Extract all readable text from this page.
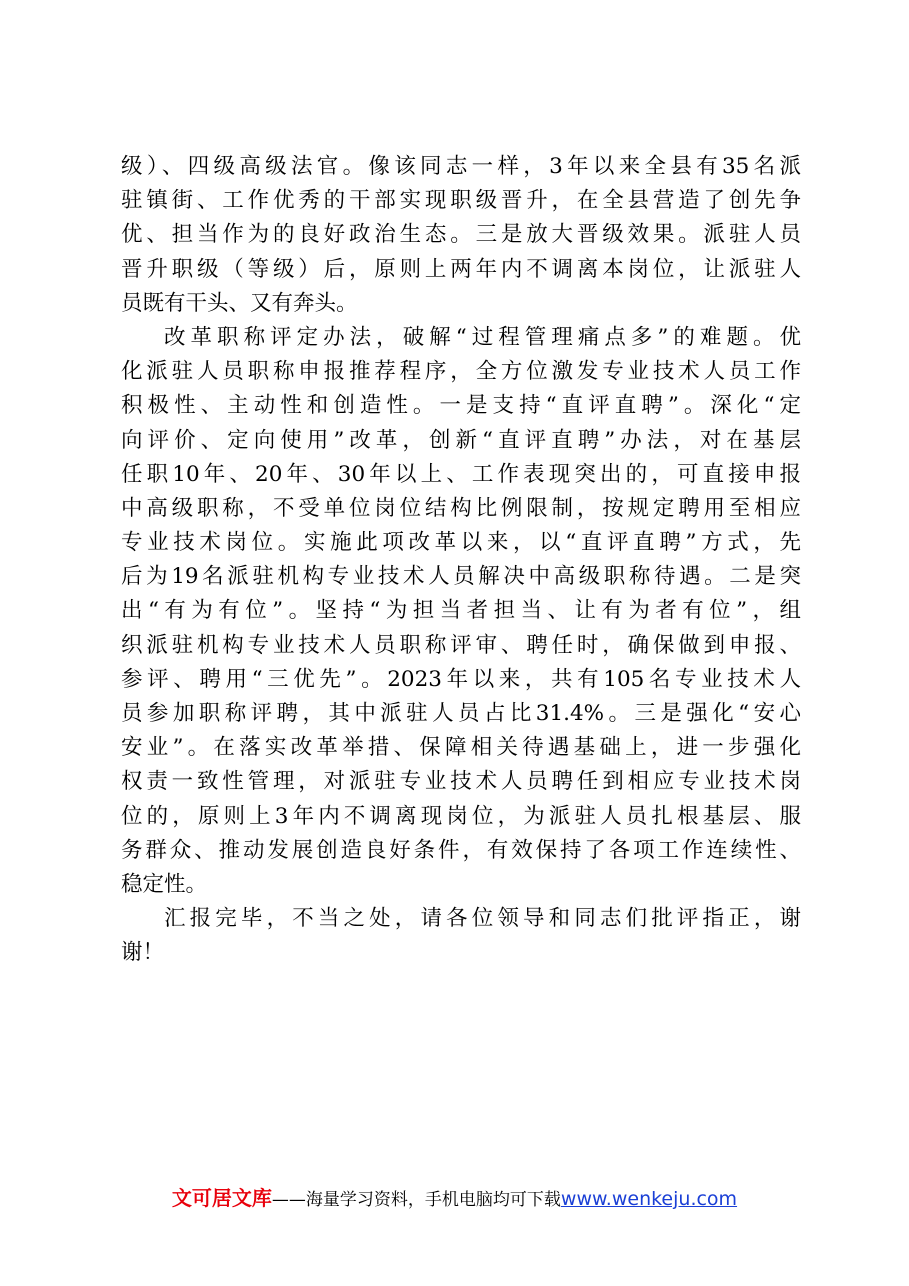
级）、四级高级法官。像该同志一样，3年以来全县有35名派
驻镇街、工作优秀的干部实现职级晋升，在全县营造了创先争
优、担当作为的良好政治生态。三是放大晋级效果。派驻人员
晋升职级（等级）后，原则上两年内不调离本岗位，让派驻人
员既有干头、又有奔头。
改革职称评定办法，破解“过程管理痛点多”的难题。优
化派驻人员职称申报推荐程序，全方位激发专业技术人员工作
积极性、主动性和创造性。一是支持“直评直聘”。深化“定
向评价、定向使用”改革，创新“直评直聘”办法，对在基层
任职10年、20年、30年以上、工作表现突出的，可直接申报
中高级职称，不受单位岗位结构比例限制，按规定聘用至相应
专业技术岗位。实施此项改革以来，以“直评直聘”方式，先
后为19名派驻机构专业技术人员解决中高级职称待遇。二是突
出“有为有位”。坚持“为担当者担当、让有为者有位”，组
织派驻机构专业技术人员职称评审、聘任时，确保做到申报、
参评、聘用“三优先”。2023年以来，共有105名专业技术人
员参加职称评聘，其中派驻人员占比31.4%。三是强化“安心
安业”。在落实改革举措、保障相关待遇基础上，进一步强化
权责一致性管理，对派驻专业技术人员聘任到相应专业技术岗
位的，原则上3年内不调离现岗位，为派驻人员扎根基层、服
务群众、推动发展创造良好条件，有效保持了各项工作连续性、
稳定性。
汇报完毕，不当之处，请各位领导和同志们批评指正，谢
谢！
文可居文库——海量学习资料，手机电脑均可下载www.wenkeju.com
